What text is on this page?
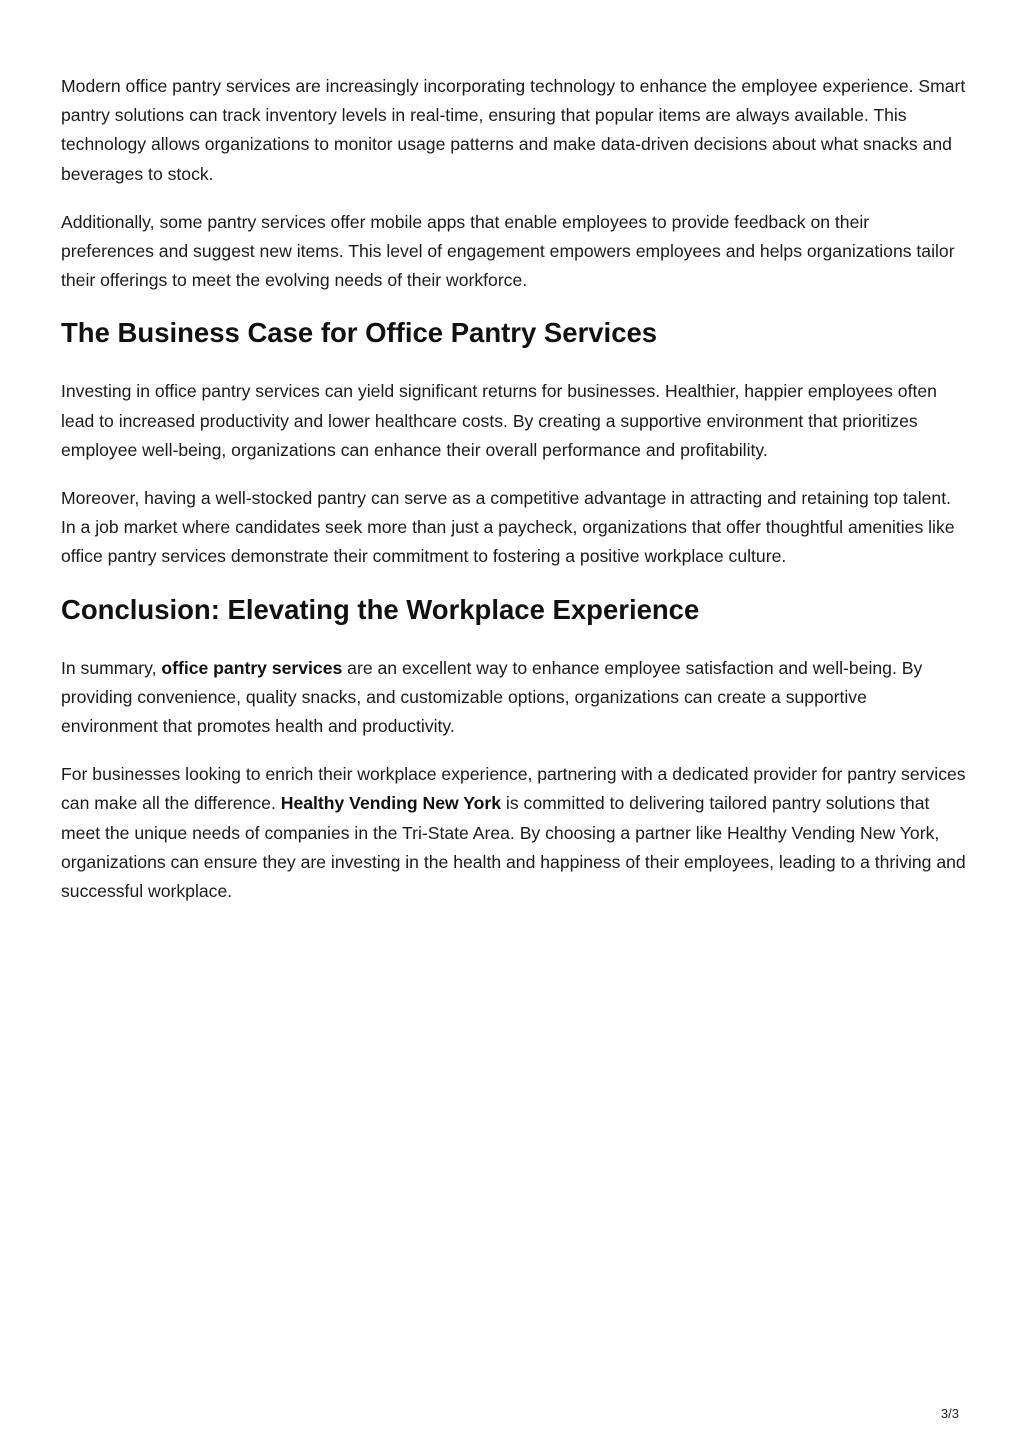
Modern office pantry services are increasingly incorporating technology to enhance the employee experience. Smart pantry solutions can track inventory levels in real-time, ensuring that popular items are always available. This technology allows organizations to monitor usage patterns and make data-driven decisions about what snacks and beverages to stock.

Additionally, some pantry services offer mobile apps that enable employees to provide feedback on their preferences and suggest new items. This level of engagement empowers employees and helps organizations tailor their offerings to meet the evolving needs of their workforce.

The Business Case for Office Pantry Services

Investing in office pantry services can yield significant returns for businesses. Healthier, happier employees often lead to increased productivity and lower healthcare costs. By creating a supportive environment that prioritizes employee well-being, organizations can enhance their overall performance and profitability.

Moreover, having a well-stocked pantry can serve as a competitive advantage in attracting and retaining top talent. In a job market where candidates seek more than just a paycheck, organizations that offer thoughtful amenities like office pantry services demonstrate their commitment to fostering a positive workplace culture.

Conclusion: Elevating the Workplace Experience

In summary, office pantry services are an excellent way to enhance employee satisfaction and well-being. By providing convenience, quality snacks, and customizable options, organizations can create a supportive environment that promotes health and productivity.

For businesses looking to enrich their workplace experience, partnering with a dedicated provider for pantry services can make all the difference. Healthy Vending New York is committed to delivering tailored pantry solutions that meet the unique needs of companies in the Tri-State Area. By choosing a partner like Healthy Vending New York, organizations can ensure they are investing in the health and happiness of their employees, leading to a thriving and successful workplace.

3/3
